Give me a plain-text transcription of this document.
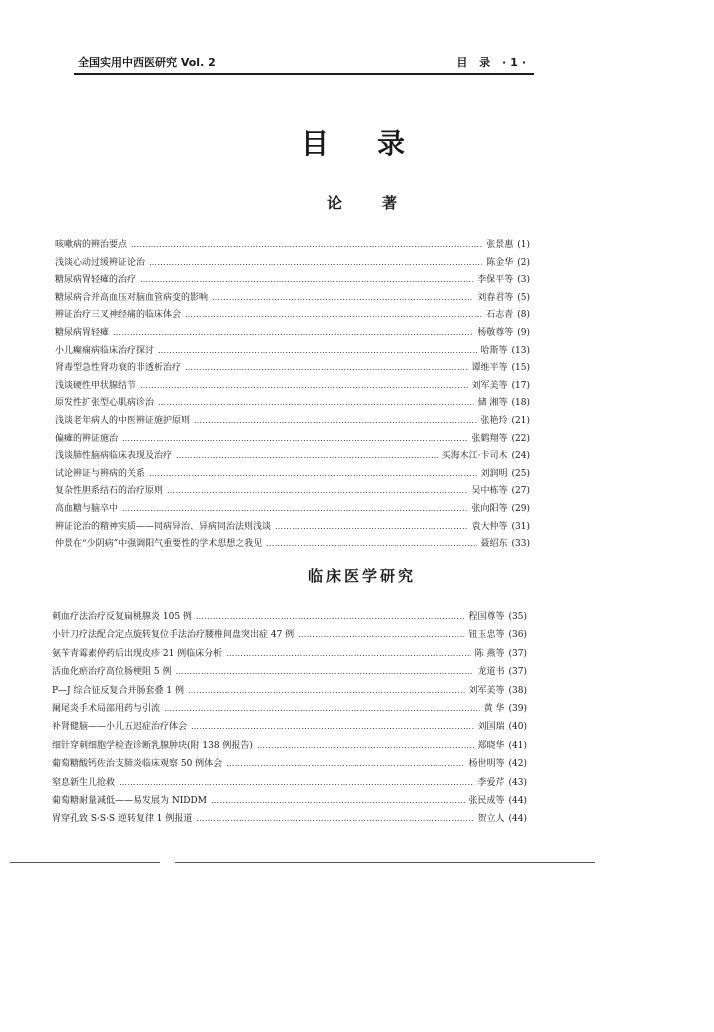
全国实用中西医研究 Vol. 2	目 录 ·1·
目录
论著
咳嗽病的辨治要点 ………………………………………………………………………………………………………………………………………………………………………………………………………………………………	张景惠 (1)
浅谈心动过缓辨证论治 ………………………………………………………………………………………………………………………………………………………………………………………………………………………………	陈金华 (2)
糖尿病胃轻瘫的治疗 ………………………………………………………………………………………………………………………………………………………………………………………………………………………………	李保平等 (3)
糖尿病合并高血压对脑血管病变的影响 ………………………………………………………………………………………………………………………………………………………………………………………………………………………………	刘春君等 (5)
辨证治疗三叉神经痛的临床体会 ………………………………………………………………………………………………………………………………………………………………………………………………………………………………	石志青 (8)
糖尿病胃轻瘫 ………………………………………………………………………………………………………………………………………………………………………………………………………………………………	杨敬尊等 (9)
小儿癫痫病临床治疗探讨 ………………………………………………………………………………………………………………………………………………………………………………………………………………………………	哈斯等 (13)
肾毒型急性肾功衰的非透析治疗 ………………………………………………………………………………………………………………………………………………………………………………………………………………………………	谭维平等 (15)
浅谈硬性甲状腺结节 ………………………………………………………………………………………………………………………………………………………………………………………………………………………………	刘军美等 (17)
原发性扩张型心肌病诊治 ………………………………………………………………………………………………………………………………………………………………………………………………………………………………	储 湘等 (18)
浅谈老年病人的中医辨证施护原则 ………………………………………………………………………………………………………………………………………………………………………………………………………………………………	张艳玲 (21)
偏瘫的辨证施治 ………………………………………………………………………………………………………………………………………………………………………………………………………………………………	张鹤翔等 (22)
浅谈肺性脑病临床表现及治疗 ………………………………………………………………………………………………………………………………………………………………………………………………………………………………	买海木江·卡司木 (24)
试论辨证与辨病的关系 ………………………………………………………………………………………………………………………………………………………………………………………………………………………………	刘润明 (25)
复杂性胆系结石的治疗原则 ………………………………………………………………………………………………………………………………………………………………………………………………………………………………	吴中栋等 (27)
高血糖与脑卒中 ………………………………………………………………………………………………………………………………………………………………………………………………………………………………	张向阳等 (29)
辨证论治的精神实质——同病异治、异病同治法则浅谈 ………………………………………………………………………………………………………………………………………………………………………………………………………………………………	袁大仲等 (31)
仲景在“少阴病”中强调阳气重要性的学术思想之我见 ………………………………………………………………………………………………………………………………………………………………………………………………………………………………	聂绍东 (33)
临床医学研究
刺血疗法治疗反复扁桃腺炎 105 例 ………………………………………………………………………………………………………………………………………………………………………………………………………………………………	程国尊等 (35)
小针刀疗法配合定点旋转复位手法治疗腰椎间盘突出症 47 例 ………………………………………………………………………………………………………………………………………………………………………………………………………………………………	钮玉忠等 (36)
氨苄青霉素停药后出现皮疹 21 例临床分析 ………………………………………………………………………………………………………………………………………………………………………………………………………………………………	陈 燕等 (37)
活血化瘀治疗高位肠梗阻 5 例 ………………………………………………………………………………………………………………………………………………………………………………………………………………………………	龙道书 (37)
P—J 综合征反复合并肠套叠 1 例 ………………………………………………………………………………………………………………………………………………………………………………………………………………………………	刘军美等 (38)
阑尾炎手术局部用药与引流 ………………………………………………………………………………………………………………………………………………………………………………………………………………………………	黄 华 (39)
补肾健脑——小儿五迟症治疗体会 ………………………………………………………………………………………………………………………………………………………………………………………………………………………………	刘国瑞 (40)
细针穿刺细胞学检查诊断乳腺肿块(附 138 例报告) ………………………………………………………………………………………………………………………………………………………………………………………………………………………………	郑晓华 (41)
葡萄糖酸钙佐治支肺炎临床观察 50 例体会 ………………………………………………………………………………………………………………………………………………………………………………………………………………………………	杨世明等 (42)
窒息新生儿抢救 ………………………………………………………………………………………………………………………………………………………………………………………………………………………………	李爱芹 (43)
葡萄糖耐量减低——易发展为 NIDDM ………………………………………………………………………………………………………………………………………………………………………………………………………………………………	张民成等 (44)
胃穿孔致 S·S·S 逆转复律 1 例报道 ………………………………………………………………………………………………………………………………………………………………………………………………………………………………	贺立人 (44)
